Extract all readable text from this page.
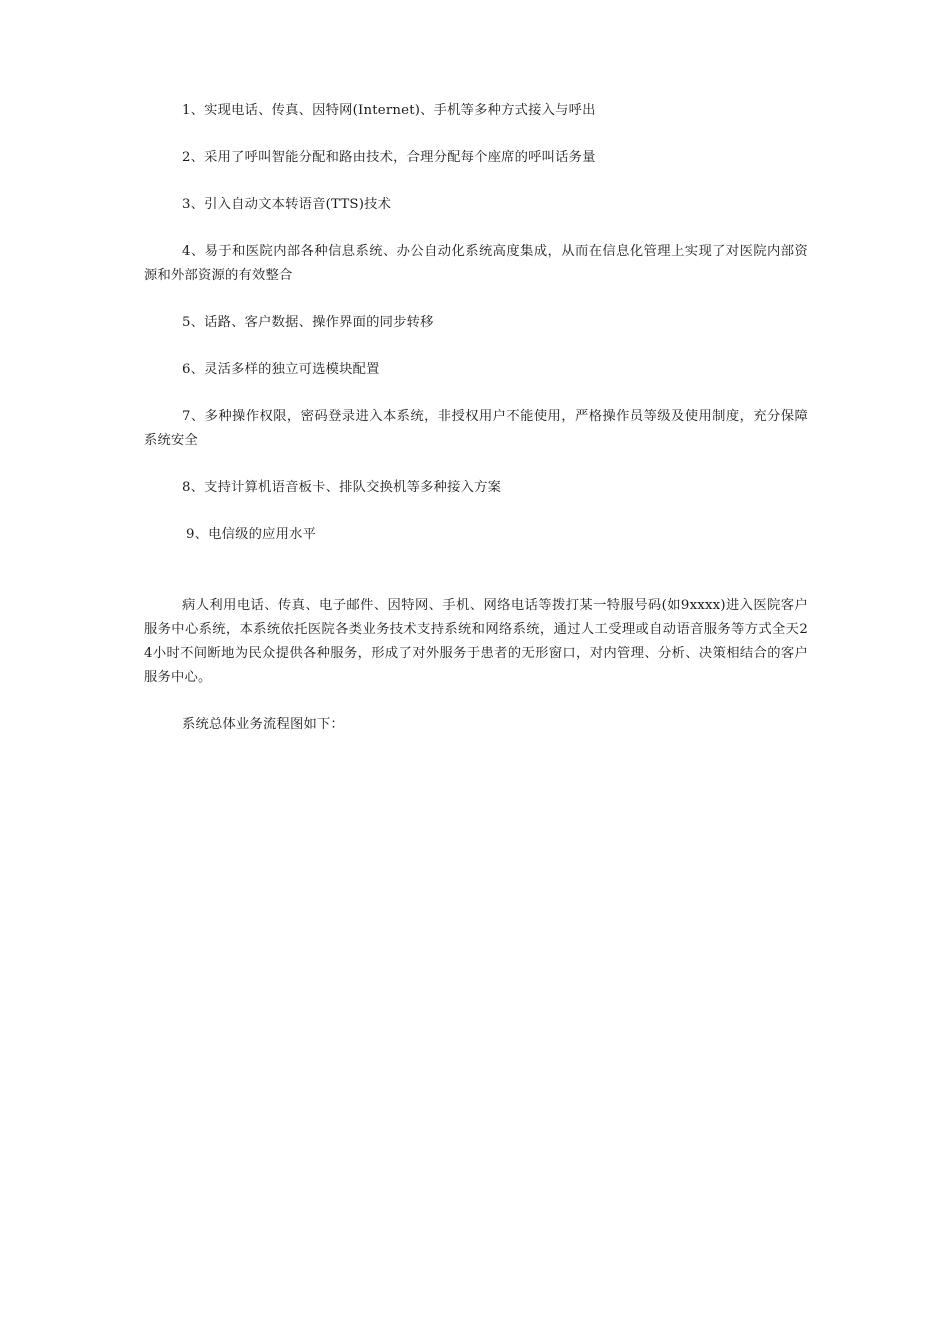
1、实现电话、传真、因特网(Internet)、手机等多种方式接入与呼出

2、采用了呼叫智能分配和路由技术，合理分配每个座席的呼叫话务量

3、引入自动文本转语音(TTS)技术

4、易于和医院内部各种信息系统、办公自动化系统高度集成，从而在信息化管理上实现了对医院内部资源和外部资源的有效整合

5、话路、客户数据、操作界面的同步转移

6、灵活多样的独立可选模块配置

7、多种操作权限，密码登录进入本系统，非授权用户不能使用，严格操作员等级及使用制度，充分保障系统安全

8、支持计算机语音板卡、排队交换机等多种接入方案

9、电信级的应用水平

病人利用电话、传真、电子邮件、因特网、手机、网络电话等拨打某一特服号码(如9xxxx)进入医院客户服务中心系统，本系统依托医院各类业务技术支持系统和网络系统，通过人工受理或自动语音服务等方式全天24小时不间断地为民众提供各种服务，形成了对外服务于患者的无形窗口，对内管理、分析、决策相结合的客户服务中心。

系统总体业务流程图如下：
